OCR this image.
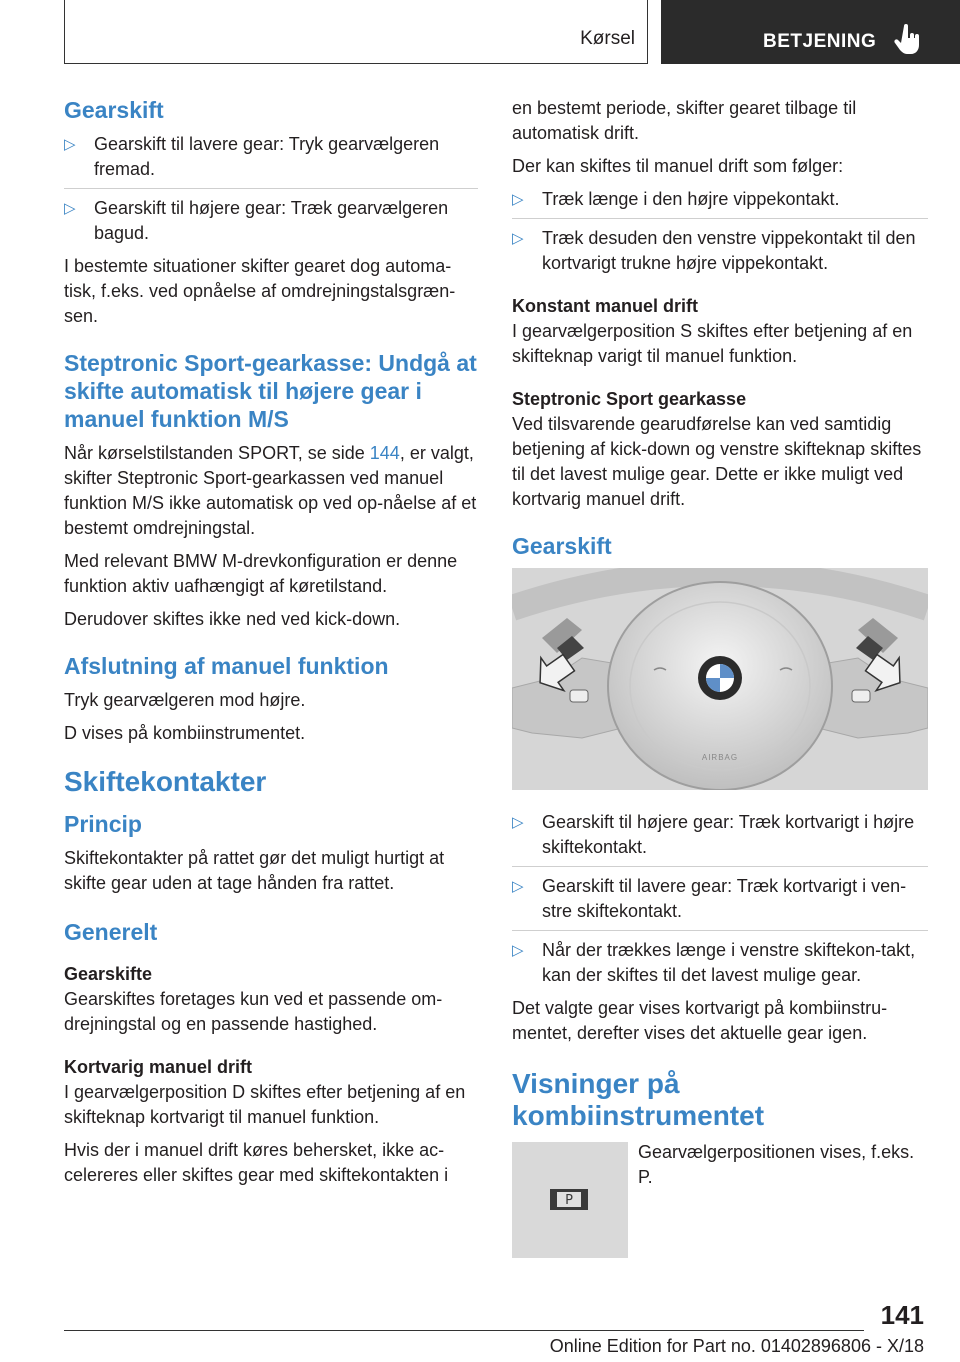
Kørsel	BETJENING
Gearskift
▷ Gearskift til lavere gear: Tryk gearvælgeren fremad.
▷ Gearskift til højere gear: Træk gearvælgeren bagud.

I bestemte situationer skifter gearet dog automa-tisk, f.eks. ved opnåelse af omdrejningstalsgræn-sen.

Steptronic Sport-gearkasse: Undgå at skifte automatisk til højere gear i manuel funktion M/S

Når kørselstilstanden SPORT, se side 144, er valgt, skifter Steptronic Sport-gearkassen ved manuel funktion M/S ikke automatisk op ved op-nåelse af et bestemt omdrejningstal.

Med relevant BMW M-drevkonfiguration er denne funktion aktiv uafhængigt af køretilstand.

Derudover skiftes ikke ned ved kick-down.

Afslutning af manuel funktion

Tryk gearvælgeren mod højre.

D vises på kombiinstrumentet.

Skiftekontakter
Princip

Skiftekontakter på rattet gør det muligt hurtigt at skifte gear uden at tage hånden fra rattet.

Generelt
Gearskifte

Gearskiftes foretages kun ved et passende om-drejningstal og en passende hastighed.

Kortvarig manuel drift

I gearvælgerposition D skiftes efter betjening af en skifteknap kortvarigt til manuel funktion.

Hvis der i manuel drift køres behersket, ikke ac-celereres eller skiftes gear med skiftekontakten i

en bestemt periode, skifter gearet tilbage til automatisk drift.

Der kan skiftes til manuel drift som følger:

▷ Træk længe i den højre vippekontakt.
▷ Træk desuden den venstre vippekontakt til den kortvarigt trukne højre vippekontakt.
Konstant manuel drift

I gearvælgerposition S skiftes efter betjening af en skifteknap varigt til manuel funktion.

Steptronic Sport gearkasse

Ved tilsvarende gearudførelse kan ved samtidig betjening af kick-down og venstre skifteknap skiftes til det lavest mulige gear. Dette er ikke muligt ved kortvarig manuel drift.

Gearskift
AIRBAG
▷ Gearskift til højere gear: Træk kortvarigt i højre skiftekontakt.
▷ Gearskift til lavere gear: Træk kortvarigt i ven-stre skiftekontakt.
▷ Når der trækkes længe i venstre skiftekon-takt, kan der skiftes til det lavest mulige gear.

Det valgte gear vises kortvarigt på kombiinstru-mentet, derefter vises det aktuelle gear igen.

Visninger på kombiinstrumentet
P
Gearvælgerpositionen vises, f.eks. P.
141
Online Edition for Part no. 01402896806 - X/18
